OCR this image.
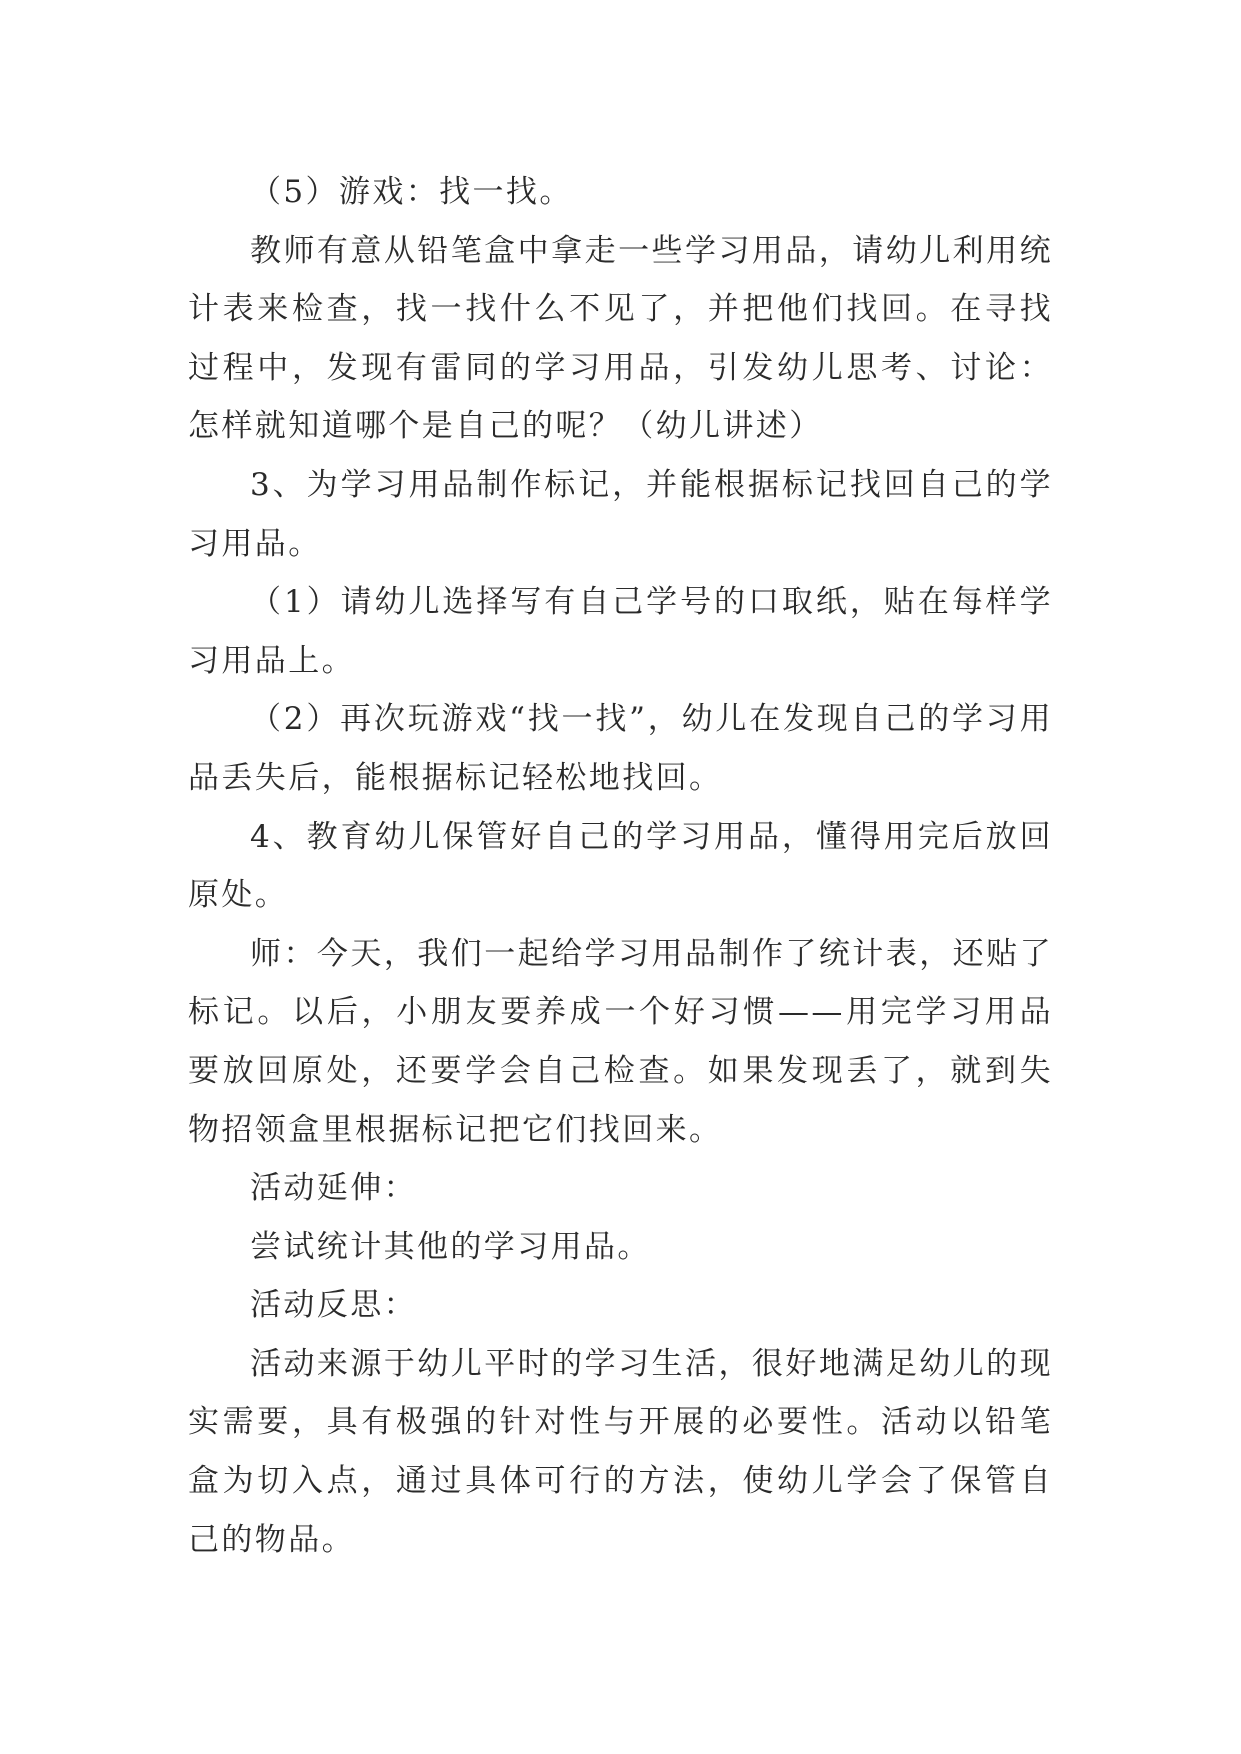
（5）游戏：找一找。

教师有意从铅笔盒中拿走一些学习用品，请幼儿利用统计表来检查，找一找什么不见了，并把他们找回。在寻找过程中，发现有雷同的学习用品，引发幼儿思考、讨论：怎样就知道哪个是自己的呢？（幼儿讲述）

3、为学习用品制作标记，并能根据标记找回自己的学习用品。

（1）请幼儿选择写有自己学号的口取纸，贴在每样学习用品上。

（2）再次玩游戏“找一找”，幼儿在发现自己的学习用品丢失后，能根据标记轻松地找回。

4、教育幼儿保管好自己的学习用品，懂得用完后放回原处。

师：今天，我们一起给学习用品制作了统计表，还贴了标记。以后，小朋友要养成一个好习惯——用完学习用品要放回原处，还要学会自己检查。如果发现丢了，就到失物招领盒里根据标记把它们找回来。

活动延伸：

尝试统计其他的学习用品。

活动反思：

活动来源于幼儿平时的学习生活，很好地满足幼儿的现实需要，具有极强的针对性与开展的必要性。活动以铅笔盒为切入点，通过具体可行的方法，使幼儿学会了保管自己的物品。
